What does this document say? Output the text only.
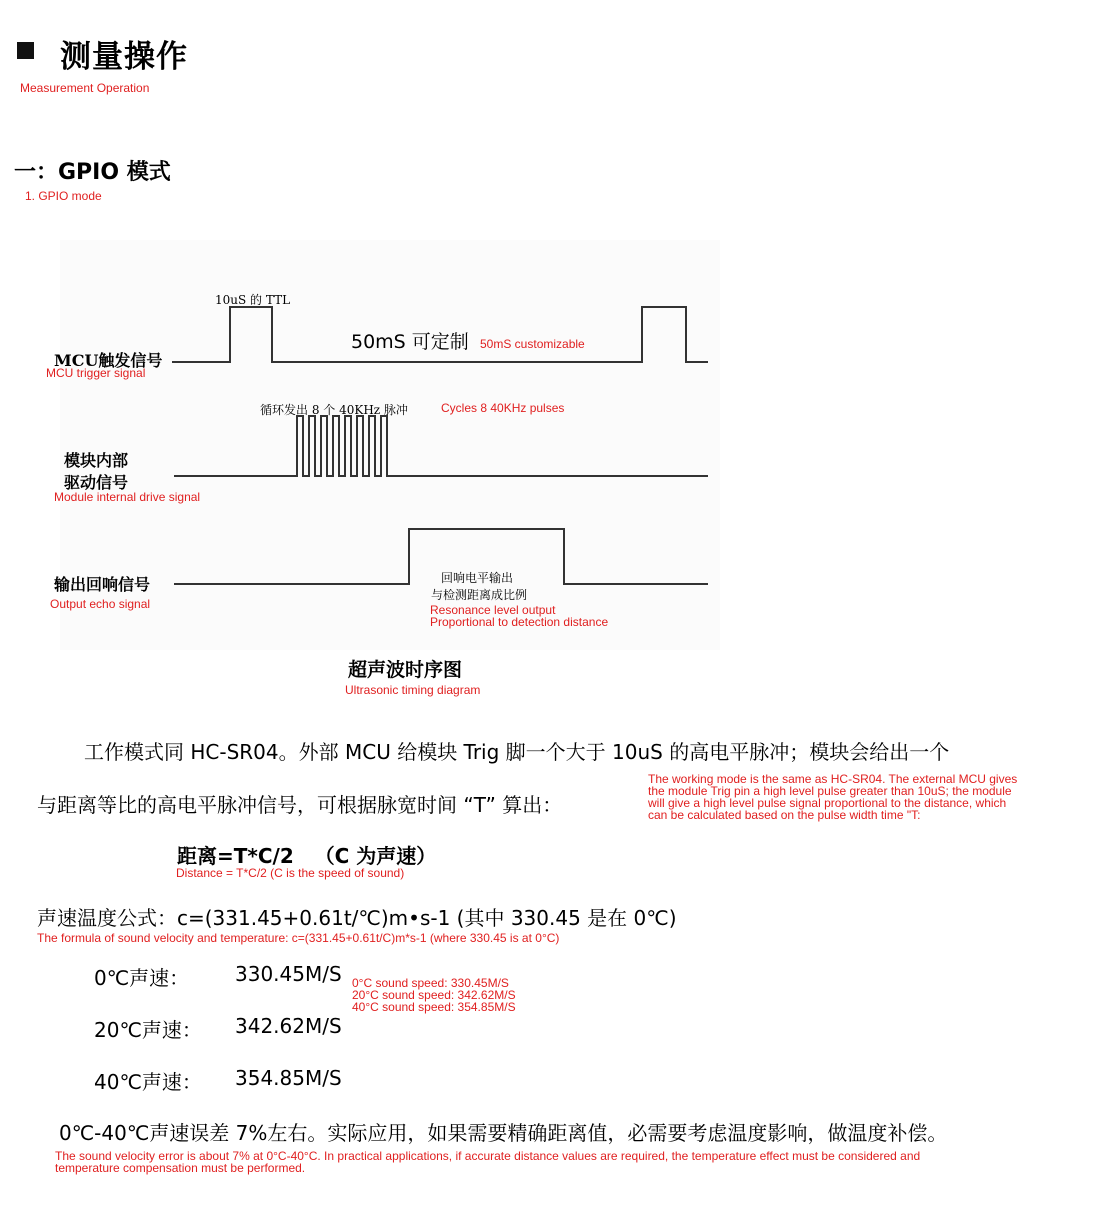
测量操作
Measurement Operation
一：GPIO 模式
1. GPIO mode
10uS 的 TTL
50mS 可定制 50mS customizable
循环发出 8 个 40KHz 脉冲	Cycles 8 40KHz pulses
MCU触发信号
MCU trigger signal
模块内部
驱动信号
Module internal drive signal
输出回响信号
Output echo signal
回响电平输出
与检测距离成比例
Resonance level output
Proportional to detection distance
超声波时序图
Ultrasonic timing diagram
工作模式同 HC-SR04。外部 MCU 给模块 Trig 脚一个大于 10uS 的高电平脉冲；模块会给出一个
与距离等比的高电平脉冲信号，可根据脉宽时间 “T” 算出：
The working mode is the same as HC-SR04. The external MCU gives
the module Trig pin a high level pulse greater than 10uS; the module
will give a high level pulse signal proportional to the distance, which
can be calculated based on the pulse width time "T:
距离=T*C/2   （C 为声速）
Distance = T*C/2 (C is the speed of sound)
声速温度公式：c=(331.45+0.61t/℃)m•s-1 (其中 330.45 是在 0℃)
The formula of sound velocity and temperature: c=(331.45+0.61t/C)m*s-1 (where 330.45 is at 0°C)
0℃声速： 330.45M/S
20℃声速： 342.62M/S
40℃声速： 354.85M/S
0°C sound speed: 330.45M/S
20°C sound speed: 342.62M/S
40°C sound speed: 354.85M/S
0℃-40℃声速误差 7%左右。实际应用，如果需要精确距离值，必需要考虑温度影响，做温度补偿。
The sound velocity error is about 7% at 0°C-40°C. In practical applications, if accurate distance values are required, the temperature effect must be considered and
temperature compensation must be performed.
